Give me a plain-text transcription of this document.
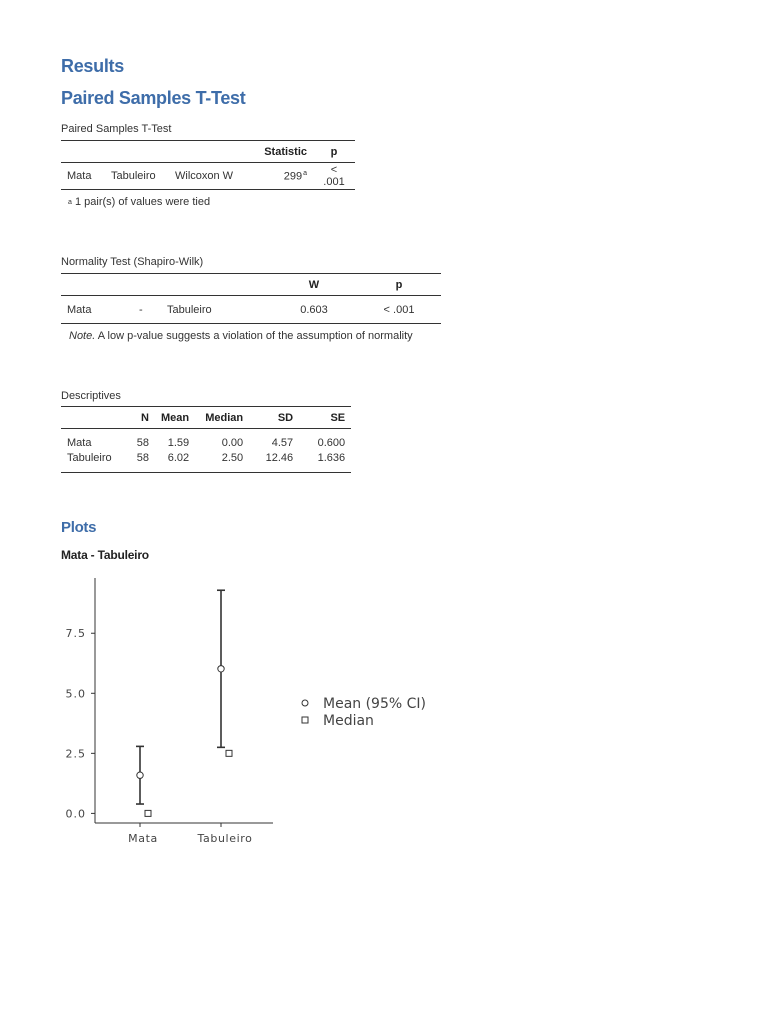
Results
Paired Samples T-Test
Paired Samples T-Test
			Statistic	p
Mata	Tabuleiro	Wilcoxon W	$299^a$	< .001
a 1 pair(s) of values were tied
Normality Test (Shapiro-Wilk)
			W	p
Mata	-	Tabuleiro	0.603	< .001
Note. A low p-value suggests a violation of the assumption of normality
Descriptives
	N	Mean	Median	SD	SE
Mata	58	1.59	0.00	4.57	0.600
Tabuleiro	58	6.02	2.50	12.46	1.636
Plots
Mata - Tabuleiro
0.0
2.5
5.0
7.5
Mata	Tabuleiro
Mean (95% CI)
Median
